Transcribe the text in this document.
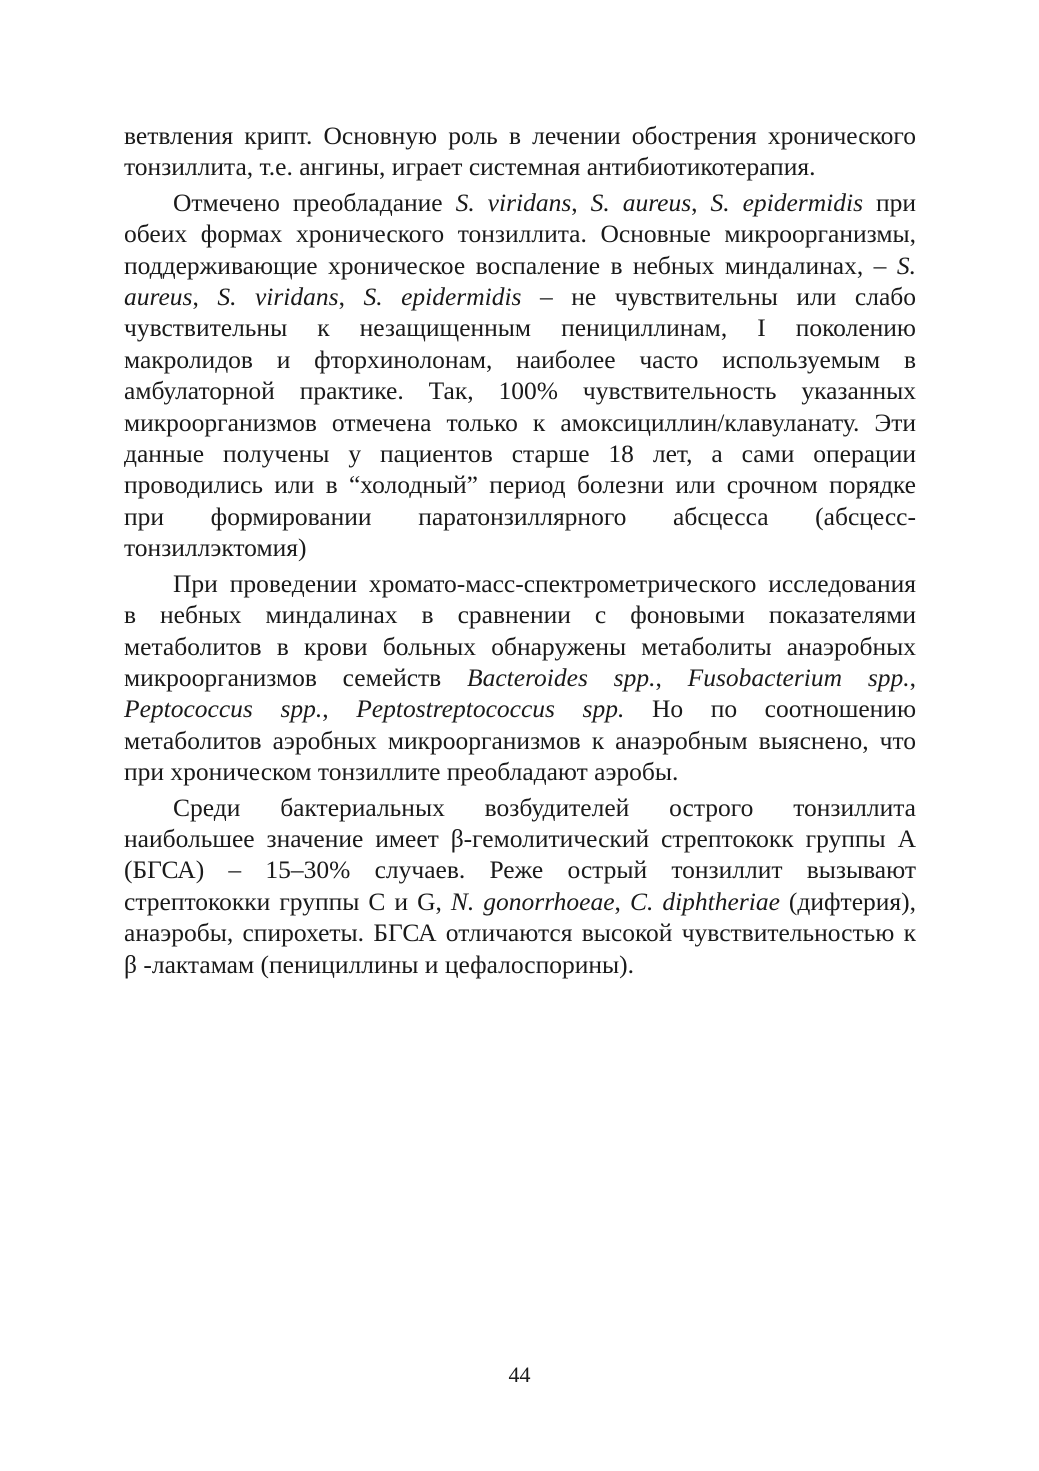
ветвления крипт. Основную роль в лечении обострения хронического тонзиллита, т.е. ангины, играет системная антибиотикотерапия.

Отмечено преобладание S. viridans, S. aureus, S. epidermidis при обеих формах хронического тонзиллита. Основные микроорганизмы, поддерживающие хроническое воспаление в небных миндалинах, – S. aureus, S. viridans, S. epidermidis – не чувствительны или слабо чувствительны к незащищенным пенициллинам, I поколению макролидов и фторхинолонам, наиболее часто используемым в амбулаторной практике. Так, 100% чувствительность указанных микроорганизмов отмечена только к амоксициллин/клавуланату. Эти данные получены у пациентов старше 18 лет, а сами операции проводились или в “холодный” период болезни или срочном порядке при формировании паратонзиллярного абсцесса (абсцесс-тонзиллэктомия)

При проведении хромато-масс-спектрометрического исследования в небных миндалинах в сравнении с фоновыми показателями метаболитов в крови больных обнаружены метаболиты анаэробных микроорганизмов семейств Bacteroides spp., Fusobacterium spp., Peptococcus spp., Peptostreptococcus spp. Но по соотношению метаболитов аэробных микроорганизмов к анаэробным выяснено, что при хроническом тонзиллите преобладают аэробы.

Среди бактериальных возбудителей острого тонзиллита наибольшее значение имеет β-гемолитический стрептококк группы А (БГСА) – 15–30% случаев. Реже острый тонзиллит вызывают стрептококки группы C и G, N. gonorrhoeae, C. diphtheriae (дифтерия), анаэробы, спирохеты. БГСА отличаются высокой чувствительностью к β -лактамам (пенициллины и цефалоспорины).

44
